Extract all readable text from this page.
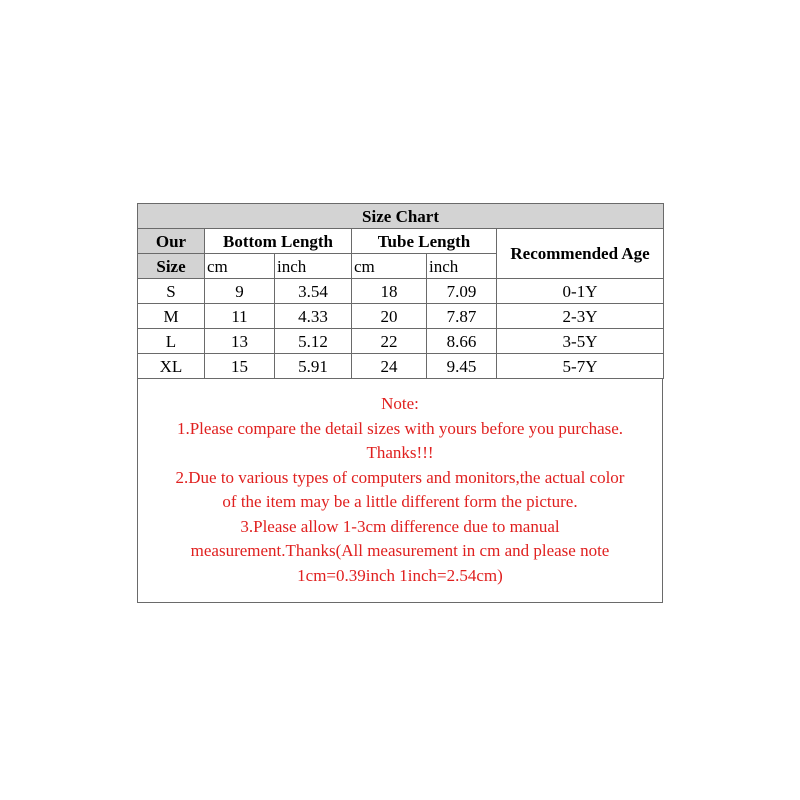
Size Chart					
Our	Bottom Length		Tube Length		Recommended Age
Size	cm	inch	cm	inch	
S	9	3.54	18	7.09	0-1Y
M	11	4.33	20	7.87	2-3Y
L	13	5.12	22	8.66	3-5Y
XL	15	5.91	24	9.45	5-7Y
Note:
1.Please compare the detail sizes with yours before you purchase.
Thanks!!!
2.Due to various types of computers and monitors,the actual color
of the item may be a little different form the picture.
3.Please allow 1-3cm difference due to manual
measurement.Thanks(All measurement in cm and please note
1cm=0.39inch 1inch=2.54cm)
